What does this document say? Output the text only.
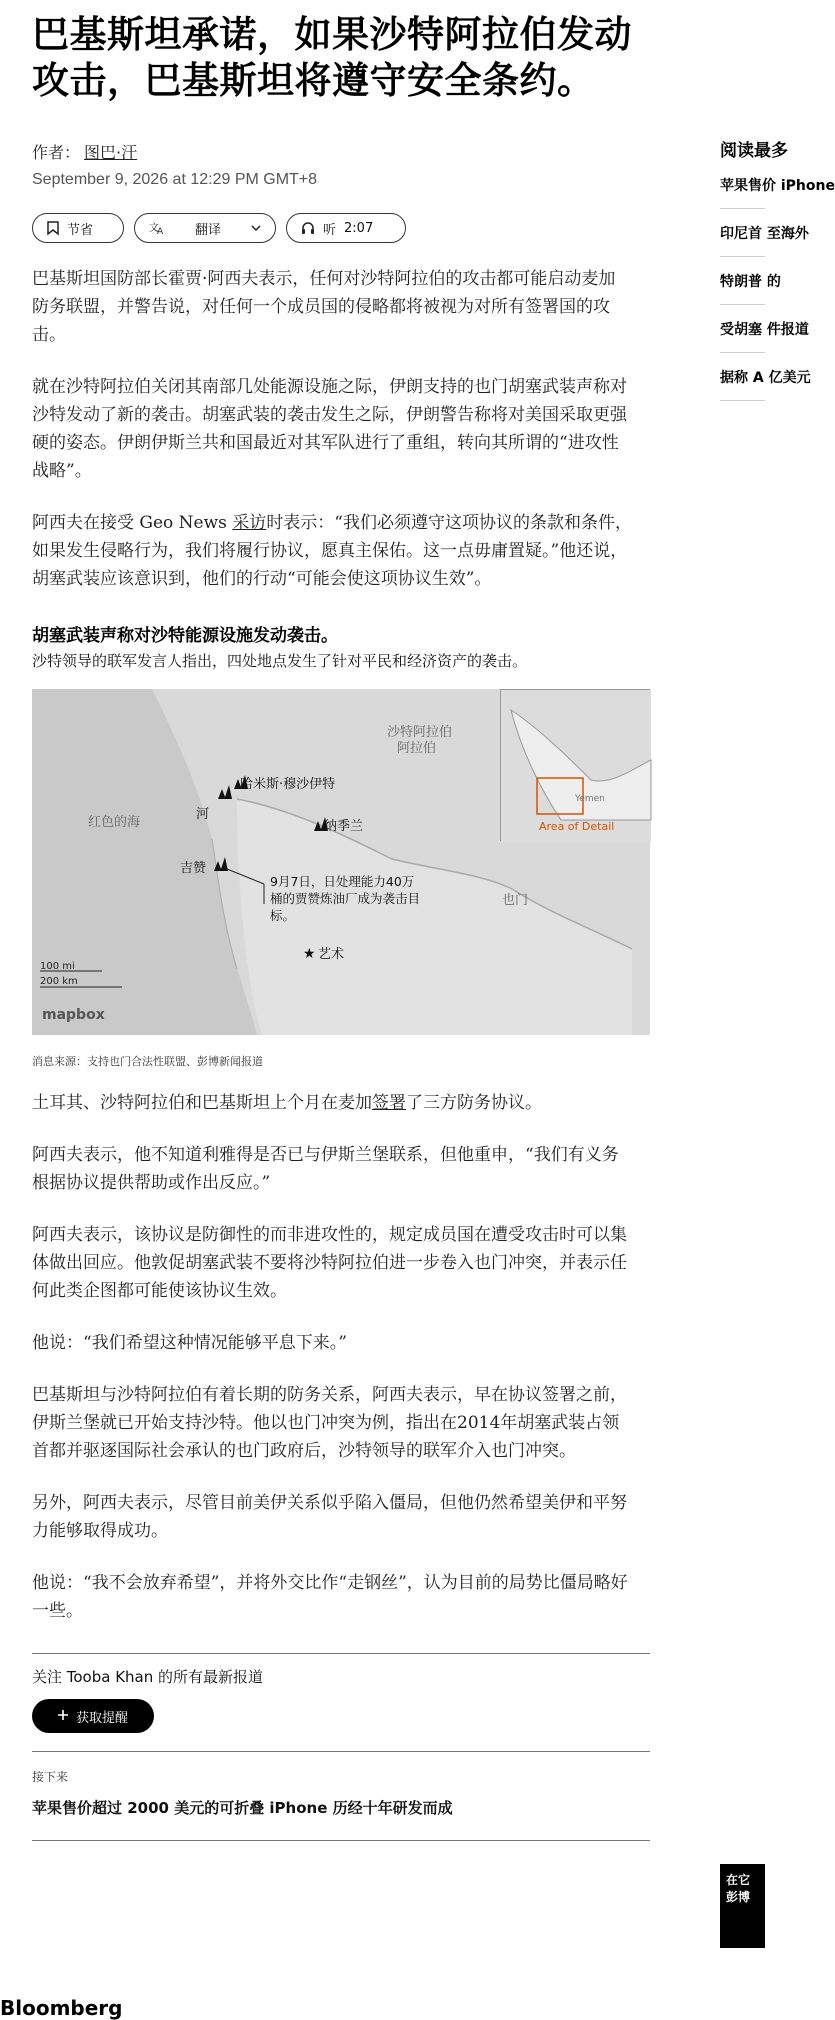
巴基斯坦承诺，如果沙特阿拉伯发动攻击，巴基斯坦将遵守安全条约。
作者： 图巴·汗
September 9, 2026 at 12:29 PM GMT+8
节省	文
A 翻译	听 2:07

巴基斯坦国防部长霍贾·阿西夫表示，任何对沙特阿拉伯的攻击都可能启动麦加防务联盟，并警告说，对任何一个成员国的侵略都将被视为对所有签署国的攻击。

就在沙特阿拉伯关闭其南部几处能源设施之际，伊朗支持的也门胡塞武装声称对沙特发动了新的袭击。胡塞武装的袭击发生之际，伊朗警告称将对美国采取更强硬的姿态。伊朗伊斯兰共和国最近对其军队进行了重组，转向其所谓的“进攻性战略”。

阿西夫在接受 Geo News 采访时表示：“我们必须遵守这项协议的条款和条件，如果发生侵略行为，我们将履行协议，愿真主保佑。这一点毋庸置疑。”他还说，胡塞武装应该意识到，他们的行动“可能会使这项协议生效”。

胡塞武装声称对沙特能源设施发动袭击。
沙特领导的联军发言人指出，四处地点发生了针对平民和经济资产的袭击。
★
沙特阿拉伯
阿拉伯
红色的海
也门
哈米斯·穆沙伊特
河
纳季兰
吉赞
艺术
9月7日，日处理能力40万桶的贾赞炼油厂成为袭击目标。
Yemen
Area of Detail
100 mi
200 km
mapbox
消息来源：支持也门合法性联盟、彭博新闻报道

土耳其、沙特阿拉伯和巴基斯坦上个月在麦加签署了三方防务协议。

阿西夫表示，他不知道利雅得是否已与伊斯兰堡联系，但他重申，“我们有义务根据协议提供帮助或作出反应。”

阿西夫表示，该协议是防御性的而非进攻性的，规定成员国在遭受攻击时可以集体做出回应。他敦促胡塞武装不要将沙特阿拉伯进一步卷入也门冲突，并表示任何此类企图都可能使该协议生效。

他说：“我们希望这种情况能够平息下来。”

巴基斯坦与沙特阿拉伯有着长期的防务关系，阿西夫表示，早在协议签署之前，伊斯兰堡就已开始支持沙特。他以也门冲突为例，指出在2014年胡塞武装占领首都并驱逐国际社会承认的也门政府后，沙特领导的联军介入也门冲突。

另外，阿西夫表示，尽管目前美伊关系似乎陷入僵局，但他仍然希望美伊和平努力能够取得成功。

他说：“我不会放弃希望”，并将外交比作“走钢丝”，认为目前的局势比僵局略好一些。

关注 Tooba Khan 的所有最新报道
获取提醒
接下来
苹果售价超过 2000 美元的可折叠 iPhone 历经十年研发而成
阅读最多
苹果售价 iPhone
印尼首 至海外
特朗普 的
受胡塞 件报道
据称 A 亿美元
在它
彭博
Bloomberg
